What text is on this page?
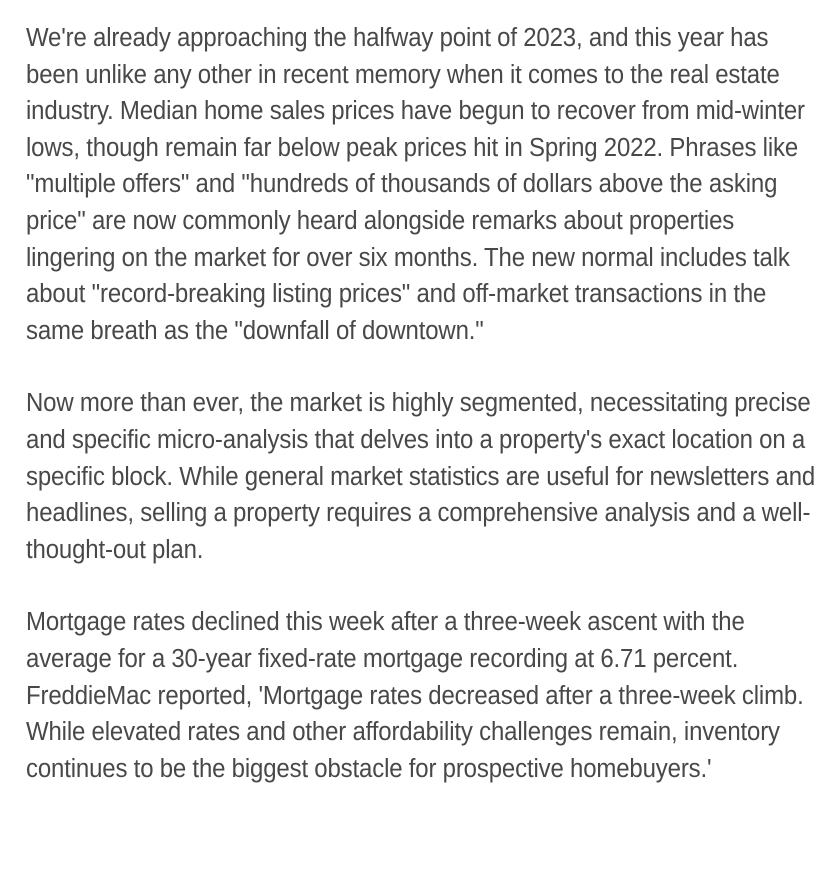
We're already approaching the halfway point of 2023, and this year has been unlike any other in recent memory when it comes to the real estate industry. Median home sales prices have begun to recover from mid-winter lows, though remain far below peak prices hit in Spring 2022. Phrases like "multiple offers" and "hundreds of thousands of dollars above the asking price" are now commonly heard alongside remarks about properties lingering on the market for over six months. The new normal includes talk about "record-breaking listing prices" and off-market transactions in the same breath as the "downfall of downtown."

Now more than ever, the market is highly segmented, necessitating precise and specific micro-analysis that delves into a property's exact location on a specific block. While general market statistics are useful for newsletters and headlines, selling a property requires a comprehensive analysis and a well-thought-out plan.

Mortgage rates declined this week after a three-week ascent with the average for a 30-year fixed-rate mortgage recording at 6.71 percent. FreddieMac reported, 'Mortgage rates decreased after a three-week climb. While elevated rates and other affordability challenges remain, inventory continues to be the biggest obstacle for prospective homebuyers.'
